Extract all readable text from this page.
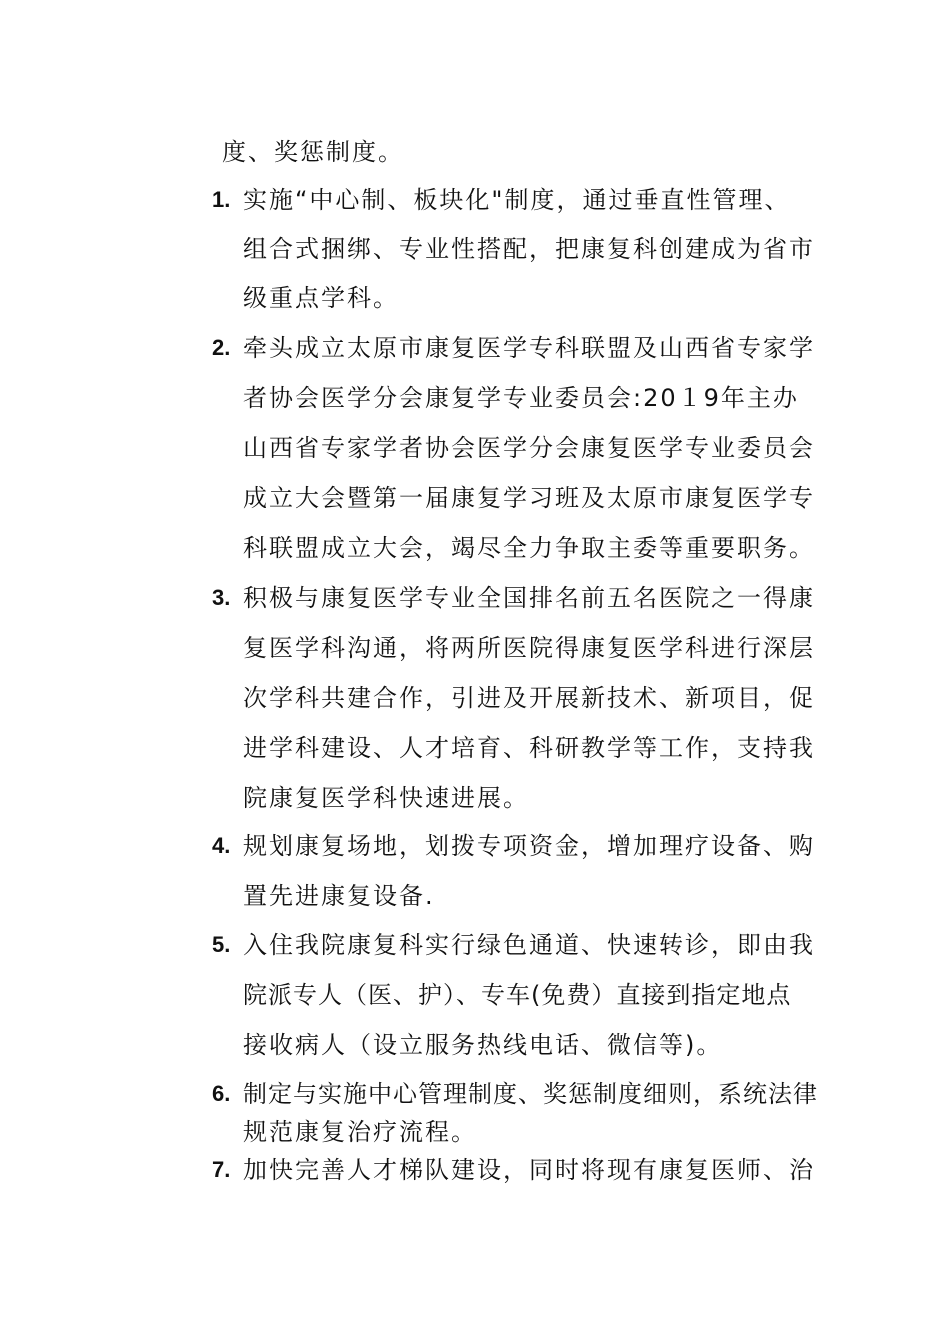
度、奖惩制度。
1. 实施“中心制、板块化"制度，通过垂直性管理、
组合式捆绑、专业性搭配，把康复科创建成为省市
级重点学科。
2. 牵头成立太原市康复医学专科联盟及山西省专家学
者协会医学分会康复学专业委员会:20１9年主办
山西省专家学者协会医学分会康复医学专业委员会
成立大会暨第一届康复学习班及太原市康复医学专
科联盟成立大会，竭尽全力争取主委等重要职务。
3. 积极与康复医学专业全国排名前五名医院之一得康
复医学科沟通，将两所医院得康复医学科进行深层
次学科共建合作，引进及开展新技术、新项目，促
进学科建设、人才培育、科研教学等工作，支持我
院康复医学科快速进展。
4. 规划康复场地，划拨专项资金，增加理疗设备、购
置先进康复设备.
5. 入住我院康复科实行绿色通道、快速转诊，即由我
院派专人（医、护）、专车(免费）直接到指定地点
接收病人（设立服务热线电话、微信等)。
6. 制定与实施中心管理制度、奖惩制度细则，系统法律
规范康复治疗流程。
7. 加快完善人才梯队建设，同时将现有康复医师、治
